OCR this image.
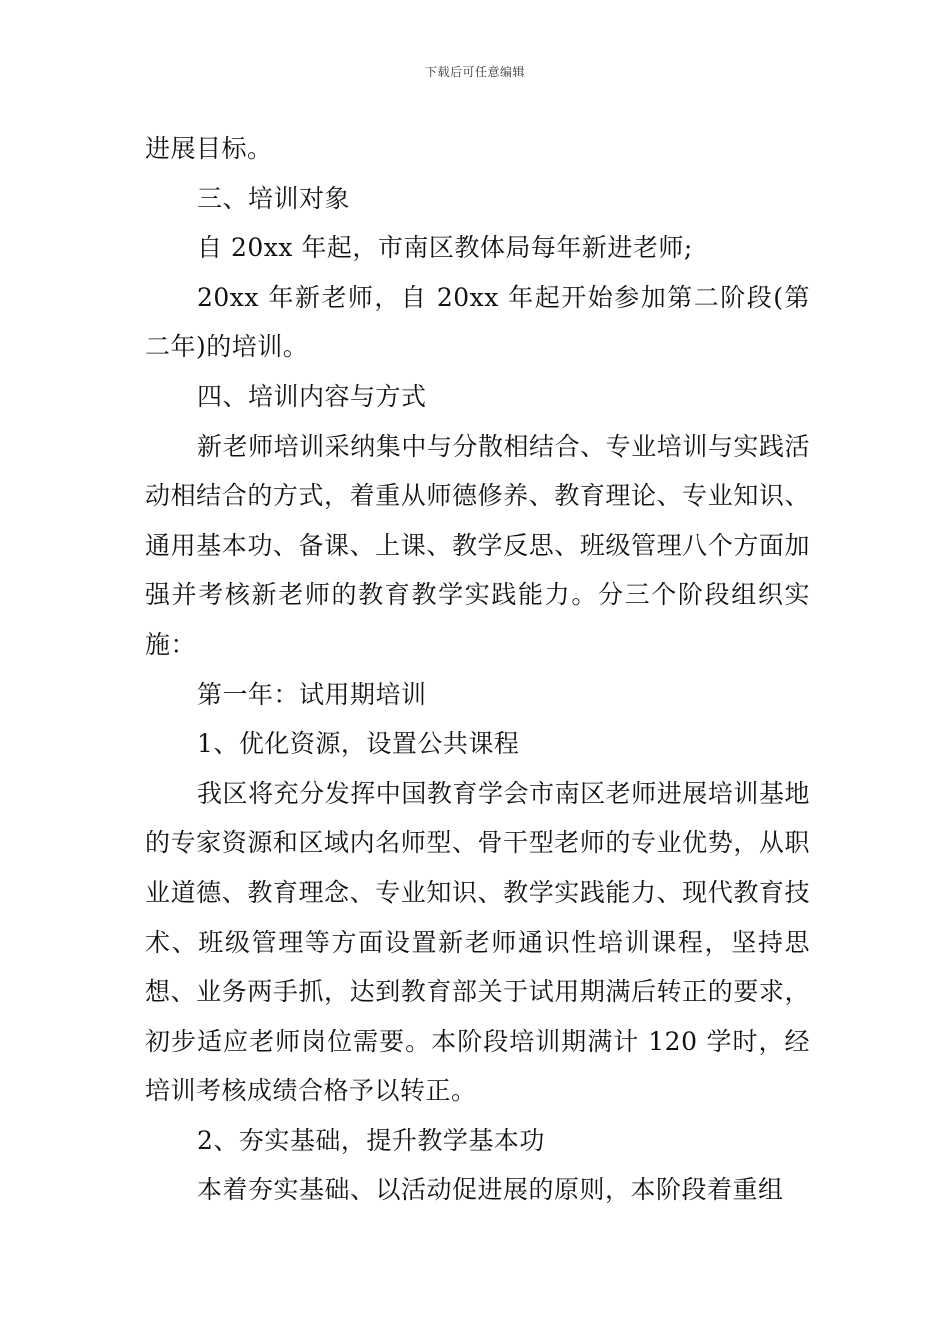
下载后可任意编辑

进展目标。

三、培训对象

自 20xx 年起，市南区教体局每年新进老师;

20xx 年新老师，自 20xx 年起开始参加第二阶段(第二年)的培训。

四、培训内容与方式

新老师培训采纳集中与分散相结合、专业培训与实践活动相结合的方式，着重从师德修养、教育理论、专业知识、通用基本功、备课、上课、教学反思、班级管理八个方面加强并考核新老师的教育教学实践能力。分三个阶段组织实施：

第一年：试用期培训

1、优化资源，设置公共课程

我区将充分发挥中国教育学会市南区老师进展培训基地的专家资源和区域内名师型、骨干型老师的专业优势，从职业道德、教育理念、专业知识、教学实践能力、现代教育技术、班级管理等方面设置新老师通识性培训课程，坚持思想、业务两手抓，达到教育部关于试用期满后转正的要求，初步适应老师岗位需要。本阶段培训期满计 120 学时，经培训考核成绩合格予以转正。

2、夯实基础，提升教学基本功

本着夯实基础、以活动促进展的原则，本阶段着重组
